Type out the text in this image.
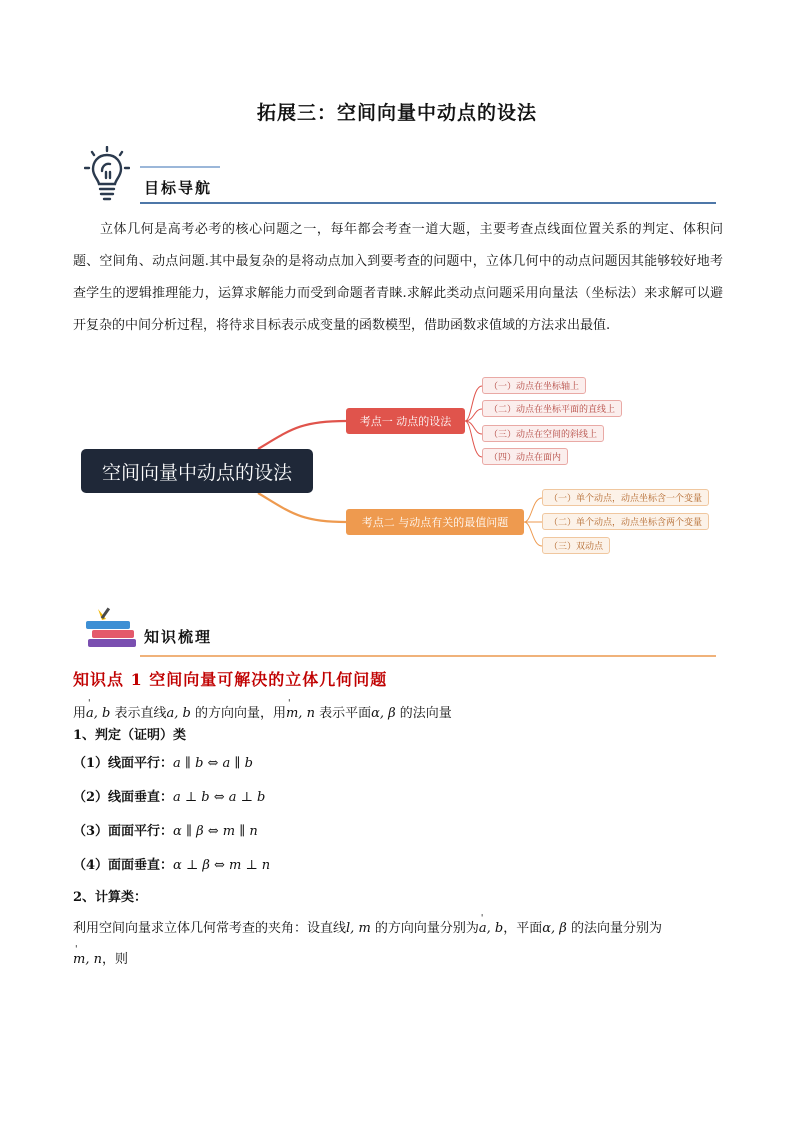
拓展三：空间向量中动点的设法
目标导航
立体几何是高考必考的核心问题之一，每年都会考查一道大题，主要考查点线面位置关系的判定、体积问题、空间角、动点问题.其中最复杂的是将动点加入到要考查的问题中，立体几何中的动点问题因其能够较好地考查学生的逻辑推理能力，运算求解能力而受到命题者青睐.求解此类动点问题采用向量法（坐标法）来求解可以避开复杂的中间分析过程，将待求目标表示成变量的函数模型，借助函数求值域的方法求出最值.
空间向量中动点的设法
考点一 动点的设法
（一）动点在坐标轴上
（二）动点在坐标平面的直线上
（三）动点在空间的斜线上
（四）动点在面内
考点二 与动点有关的最值问题
（一）单个动点，动点坐标含一个变量
（二）单个动点，动点坐标含两个变量
（三）双动点
知识梳理
知识点 1 空间向量可解决的立体几何问题
用' a, b 表示直线a, b 的方向向量，用' m, n 表示平面α, β 的法向量
1、判定（证明）类
（1）线面平行：a ∥ b ⇔ a ∥ b
（2）线面垂直：a ⊥ b ⇔ a ⊥ b
（3）面面平行：α ∥ β ⇔ m ∥ n
（4）面面垂直：α ⊥ β ⇔ m ⊥ n
2、计算类：
利用空间向量求立体几何常考查的夹角：设直线l, m 的方向向量分别为' a, b，平面α, β 的法向量分别为
' m, n，则
